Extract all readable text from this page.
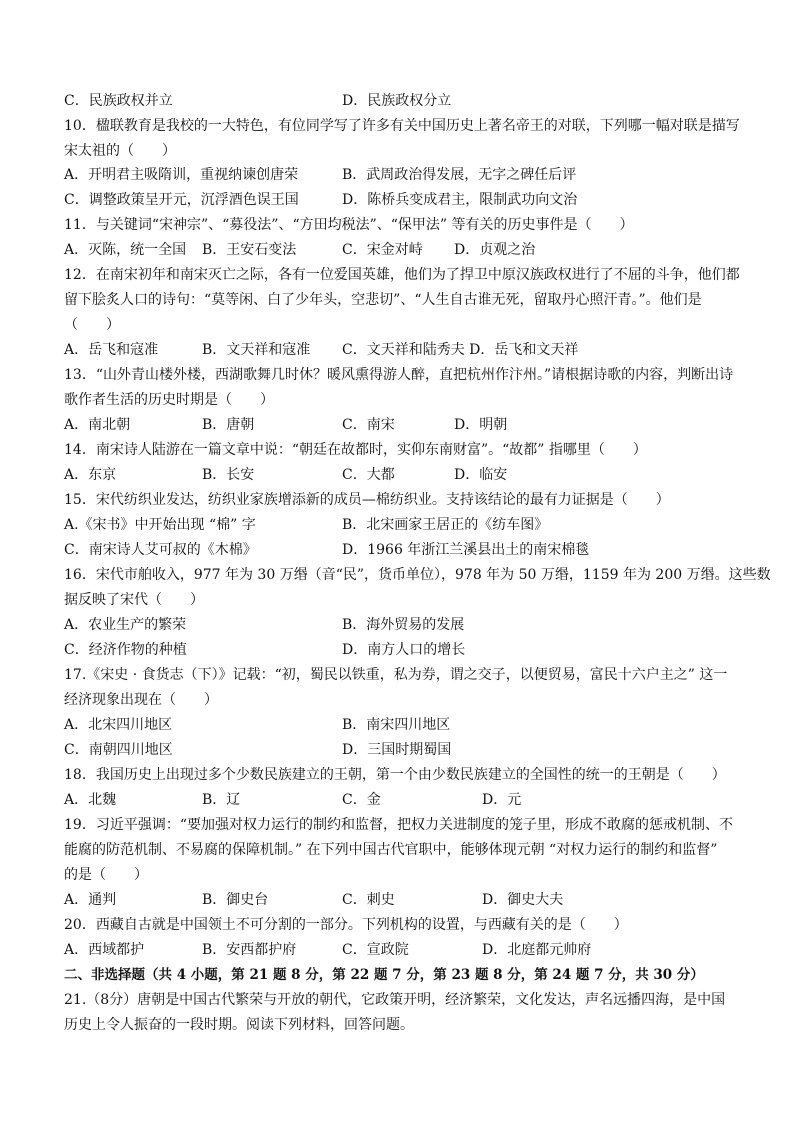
C．民族政权并立	D．民族政权分立
10．楹联教育是我校的一大特色，有位同学写了许多有关中国历史上著名帝王的对联，下列哪一幅对联是描写
宋太祖的（　　）
A．开明君主吸隋训，重视纳谏创唐荣	B．武周政治得发展，无字之碑任后评
C．调整政策呈开元，沉浮酒色误王国	D．陈桥兵变成君主，限制武功向文治
11．与关键词“宋神宗”、“募役法”、“方田均税法”、“保甲法” 等有关的历史事件是（　　）
A．灭陈，统一全国 B．王安石变法	C．宋金对峙 D．贞观之治
12．在南宋初年和南宋灭亡之际，各有一位爱国英雄，他们为了捍卫中原汉族政权进行了不屈的斗争，他们都
留下脍炙人口的诗句：“莫等闲、白了少年头，空悲切”、“人生自古谁无死，留取丹心照汗青。”。他们是
（　　）
A．岳飞和寇准	B．文天祥和寇准 C．文天祥和陆秀夫 D．岳飞和文天祥
13．“山外青山楼外楼，西湖歌舞几时休？暖风熏得游人醉，直把杭州作汴州。”请根据诗歌的内容，判断出诗
歌作者生活的历史时期是（　　）
A．南北朝	B．唐朝	C．南宋	D．明朝
14．南宋诗人陆游在一篇文章中说：“朝廷在故都时，实仰东南财富”。“故都” 指哪里（　　）
A．东京	B．长安	C．大都	D．临安
15．宋代纺织业发达，纺织业家族增添新的成员—棉纺织业。支持该结论的最有力证据是（　　）
A.《宋书》中开始出现 “棉” 字	B．北宋画家王居正的《纺车图》
C．南宋诗人艾可叔的《木棉》	D．1966 年浙江兰溪县出土的南宋棉毯
16．宋代市舶收入，977 年为 30 万缗（音“民”，货币单位），978 年为 50 万缗，1159 年为 200 万缗。这些数
据反映了宋代（　　）
A．农业生产的繁荣	B．海外贸易的发展
C．经济作物的种植	D．南方人口的增长
17.《宋史 · 食货志（下）》记载：“初，蜀民以铁重，私为券，谓之交子，以便贸易，富民十六户主之” 这一
经济现象出现在（　　）
A．北宋四川地区	B．南宋四川地区
C．南朝四川地区	D．三国时期蜀国
18．我国历史上出现过多个少数民族建立的王朝，第一个由少数民族建立的全国性的统一的王朝是（　　）
A．北魏	B．辽	C．金	D．元
19．习近平强调：“要加强对权力运行的制约和监督，把权力关进制度的笼子里，形成不敢腐的惩戒机制、不
能腐的防范机制、不易腐的保障机制。” 在下列中国古代官职中，能够体现元朝 “对权力运行的制约和监督”
的是（　　）
A．通判	B．御史台	C．刺史	D．御史大夫
20．西藏自古就是中国领土不可分割的一部分。下列机构的设置，与西藏有关的是（　　）
A．西域都护	B．安西都护府	C．宣政院	D．北庭都元帅府
二、非选择题（共 4 小题，第 21 题 8 分，第 22 题 7 分，第 23 题 8 分，第 24 题 7 分，共 30 分）
21.（8分）唐朝是中国古代繁荣与开放的朝代，它政策开明，经济繁荣，文化发达，声名远播四海，是中国
历史上令人振奋的一段时期。阅读下列材料，回答问题。
